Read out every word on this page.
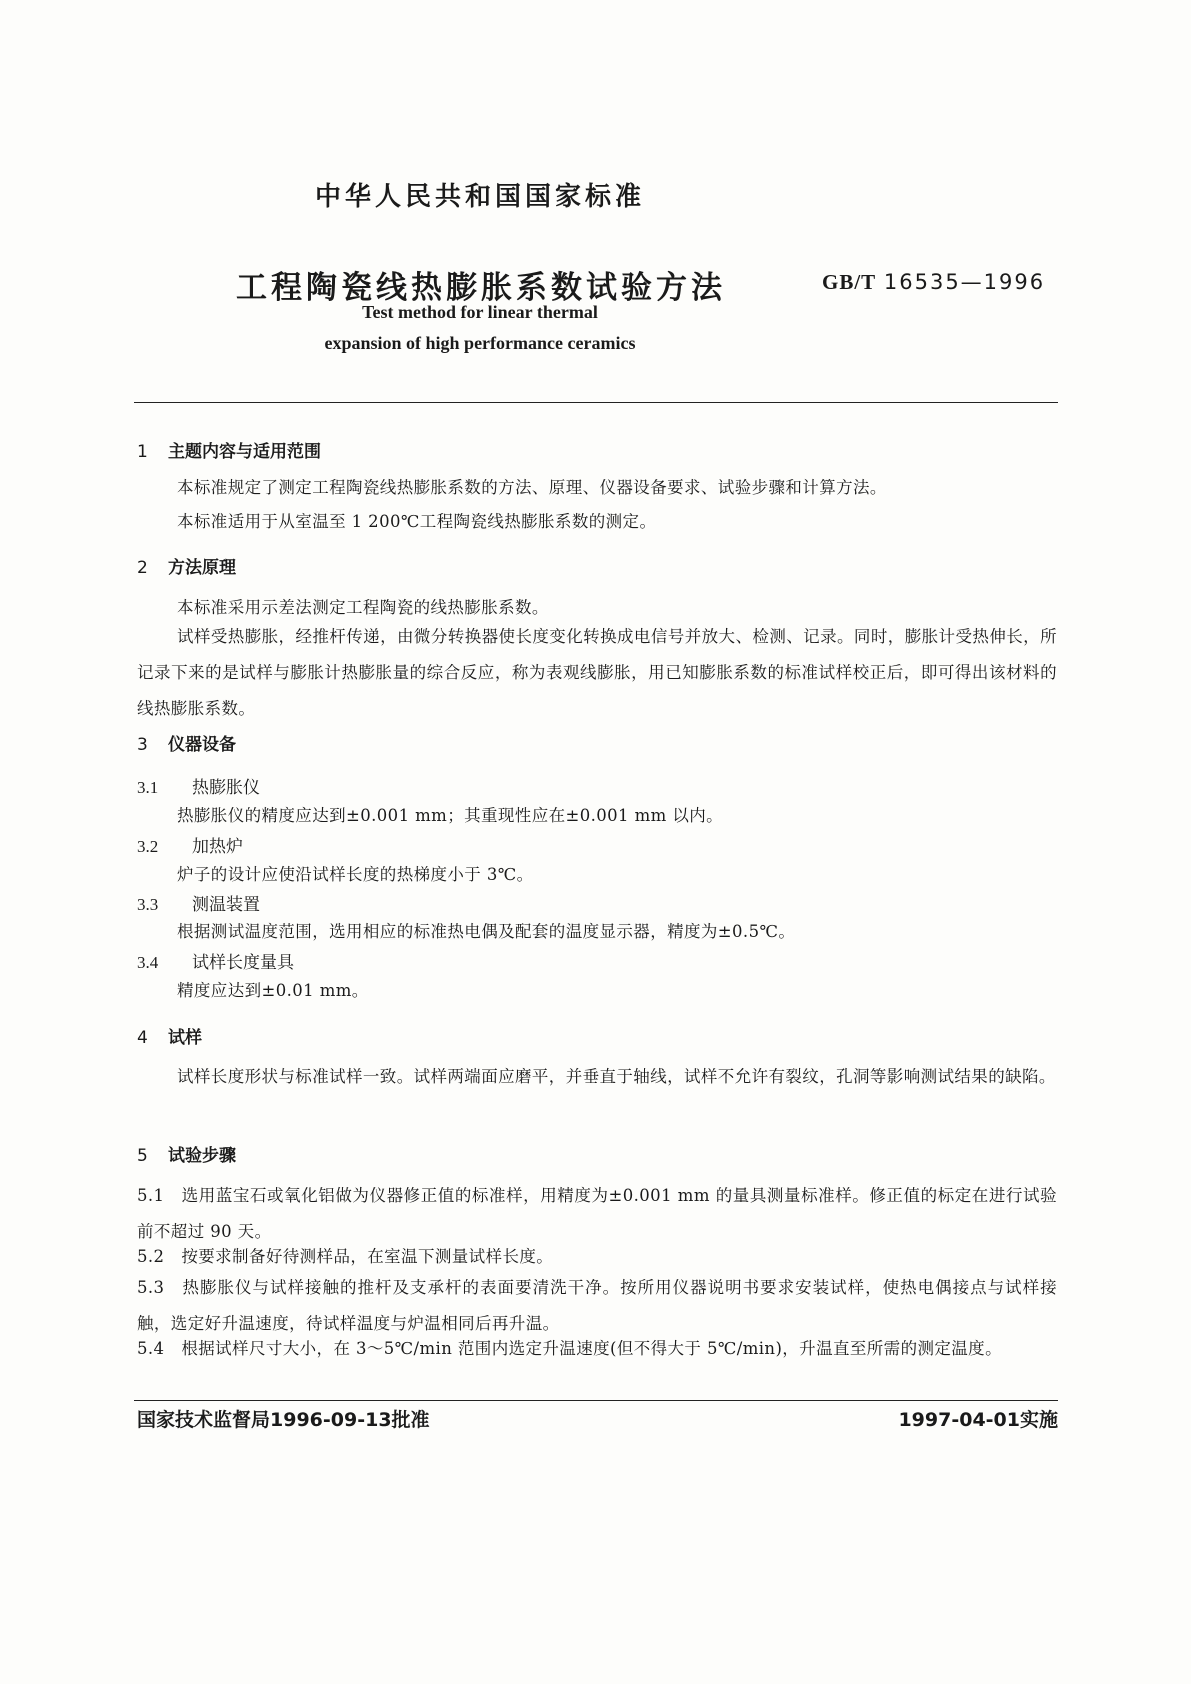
中华人民共和国国家标准
工程陶瓷线热膨胀系数试验方法	GB/T 16535—1996
Test method for linear thermal
expansion of high performance ceramics
1 主题内容与适用范围
本标准规定了测定工程陶瓷线热膨胀系数的方法、原理、仪器设备要求、试验步骤和计算方法。
本标准适用于从室温至 1 200℃工程陶瓷线热膨胀系数的测定。
2 方法原理
本标准采用示差法测定工程陶瓷的线热膨胀系数。
试样受热膨胀，经推杆传递，由微分转换器使长度变化转换成电信号并放大、检测、记录。同时，膨胀计受热伸长，所记录下来的是试样与膨胀计热膨胀量的综合反应，称为表观线膨胀，用已知膨胀系数的标准试样校正后，即可得出该材料的线热膨胀系数。
3 仪器设备
3.1 热膨胀仪
热膨胀仪的精度应达到±0.001 mm；其重现性应在±0.001 mm 以内。
3.2 加热炉
炉子的设计应使沿试样长度的热梯度小于 3℃。
3.3 测温装置
根据测试温度范围，选用相应的标准热电偶及配套的温度显示器，精度为±0.5℃。
3.4 试样长度量具
精度应达到±0.01 mm。
4 试样
试样长度形状与标准试样一致。试样两端面应磨平，并垂直于轴线，试样不允许有裂纹，孔洞等影响测试结果的缺陷。
5 试验步骤
5.1　选用蓝宝石或氧化铝做为仪器修正值的标准样，用精度为±0.001 mm 的量具测量标准样。修正值的标定在进行试验前不超过 90 天。
5.2　按要求制备好待测样品，在室温下测量试样长度。
5.3　热膨胀仪与试样接触的推杆及支承杆的表面要清洗干净。按所用仪器说明书要求安装试样，使热电偶接点与试样接触，选定好升温速度，待试样温度与炉温相同后再升温。
5.4　根据试样尺寸大小，在 3～5℃/min 范围内选定升温速度(但不得大于 5℃/min)，升温直至所需的测定温度。
国家技术监督局1996-09-13批准	1997-04-01实施
